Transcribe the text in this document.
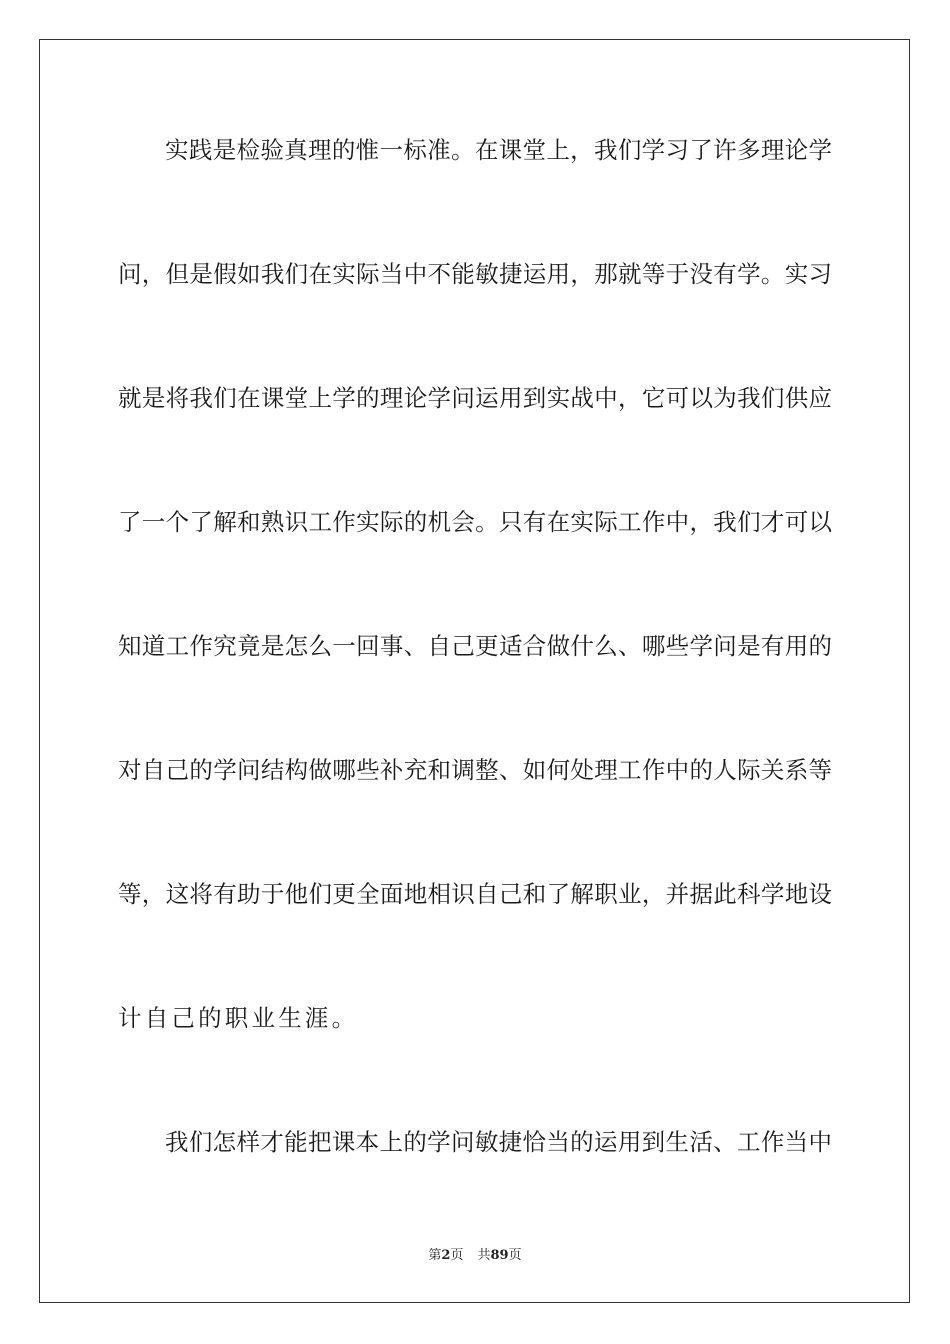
实践是检验真理的惟一标准。在课堂上，我们学习了许多理论学
问，但是假如我们在实际当中不能敏捷运用，那就等于没有学。实习
就是将我们在课堂上学的理论学问运用到实战中，它可以为我们供应
了一个了解和熟识工作实际的机会。只有在实际工作中，我们才可以
知道工作究竟是怎么一回事、自己更适合做什么、哪些学问是有用的
对自己的学问结构做哪些补充和调整、如何处理工作中的人际关系等
等，这将有助于他们更全面地相识自己和了解职业，并据此科学地设
计自己的职业生涯。
我们怎样才能把课本上的学问敏捷恰当的运用到生活、工作当中
第2页 共89页
